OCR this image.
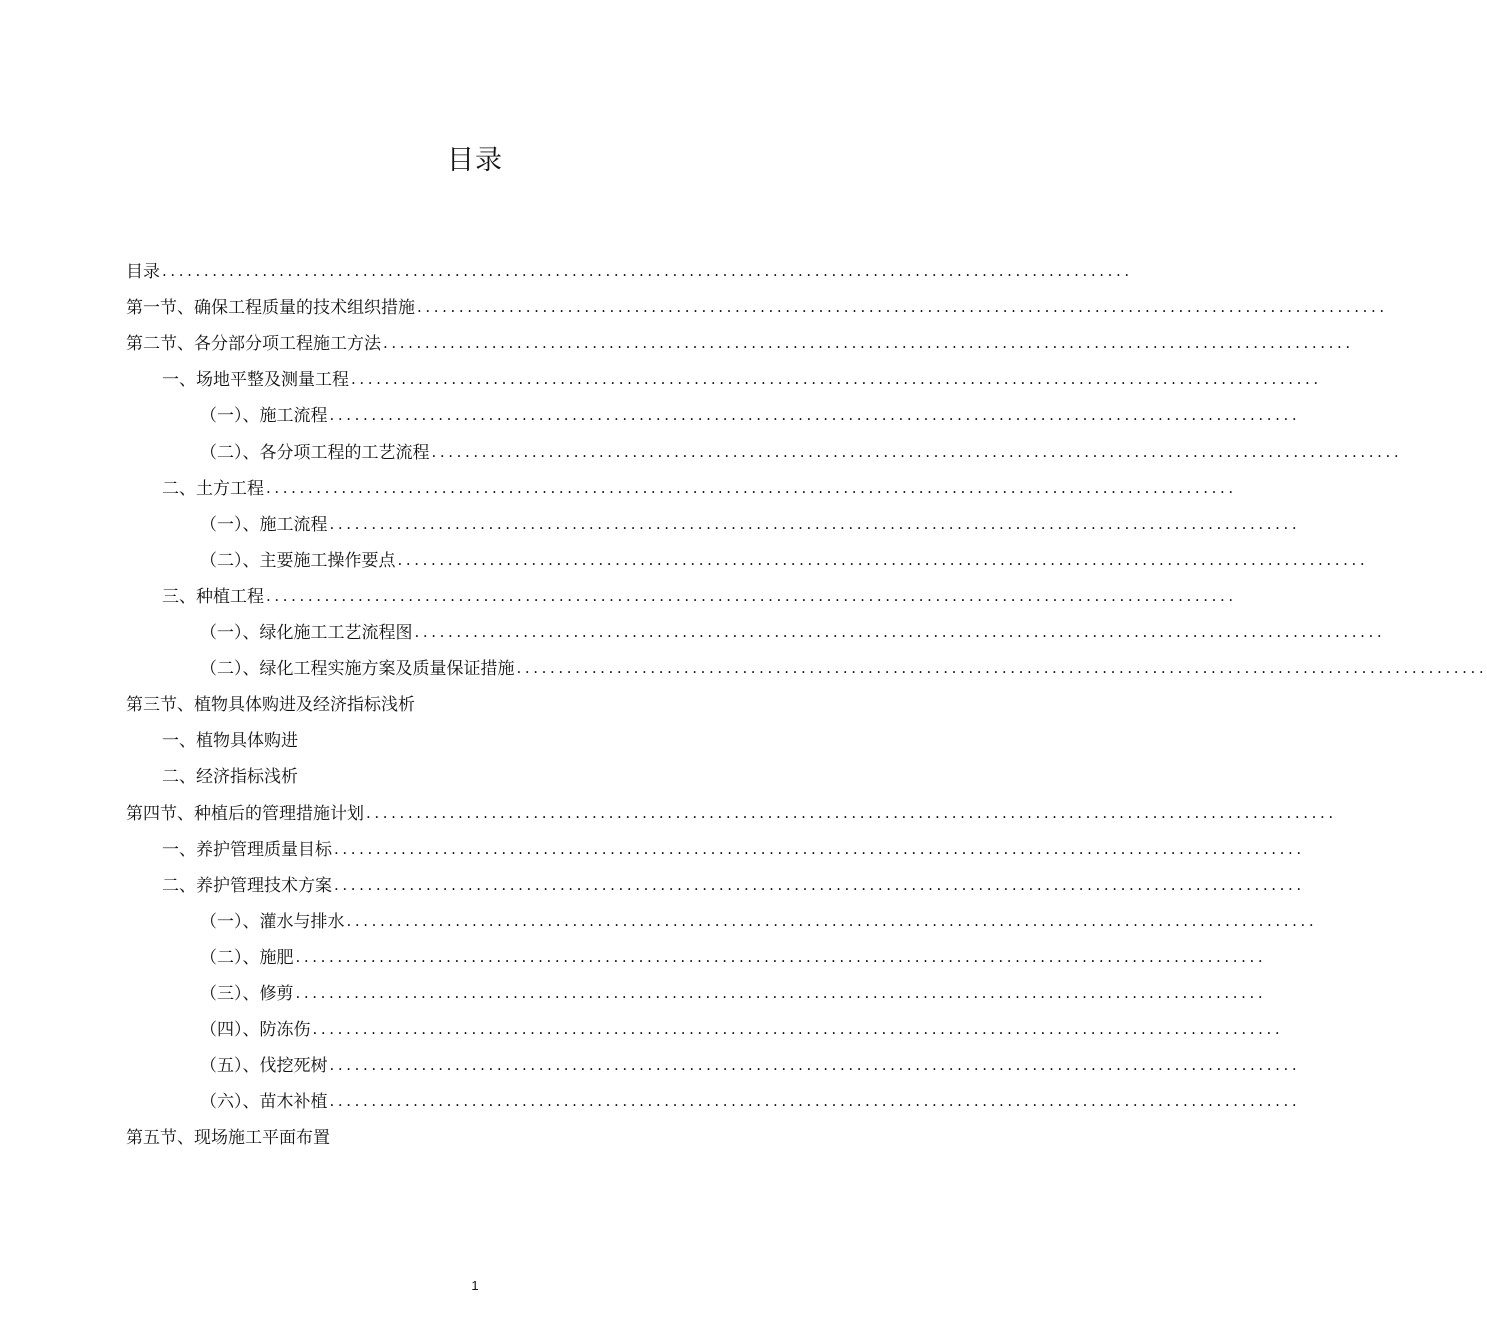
目录
目录 ....................................................................................................................
第一节、确保工程质量的技术组织措施 ....................................................................................................................
第二节、各分部分项工程施工方法 ....................................................................................................................
一、场地平整及测量工程 ....................................................................................................................
（一）、施工流程 ....................................................................................................................
（二）、各分项工程的工艺流程 ....................................................................................................................
二、土方工程 ....................................................................................................................
（一）、施工流程 ....................................................................................................................
（二）、主要施工操作要点 ....................................................................................................................
三、种植工程 ....................................................................................................................
（一）、绿化施工工艺流程图 ....................................................................................................................
（二）、绿化工程实施方案及质量保证措施 ....................................................................................................................
第三节、植物具体购进及经济指标浅析
一、植物具体购进
二、经济指标浅析
第四节、种植后的管理措施计划 ....................................................................................................................
一、养护管理质量目标 ....................................................................................................................
二、养护管理技术方案 ....................................................................................................................
（一）、灌水与排水 ....................................................................................................................
（二）、施肥 ....................................................................................................................
（三）、修剪 ....................................................................................................................
（四）、防冻伤 ....................................................................................................................
（五）、伐挖死树 ....................................................................................................................
（六）、苗木补植 ....................................................................................................................
第五节、现场施工平面布置
1
